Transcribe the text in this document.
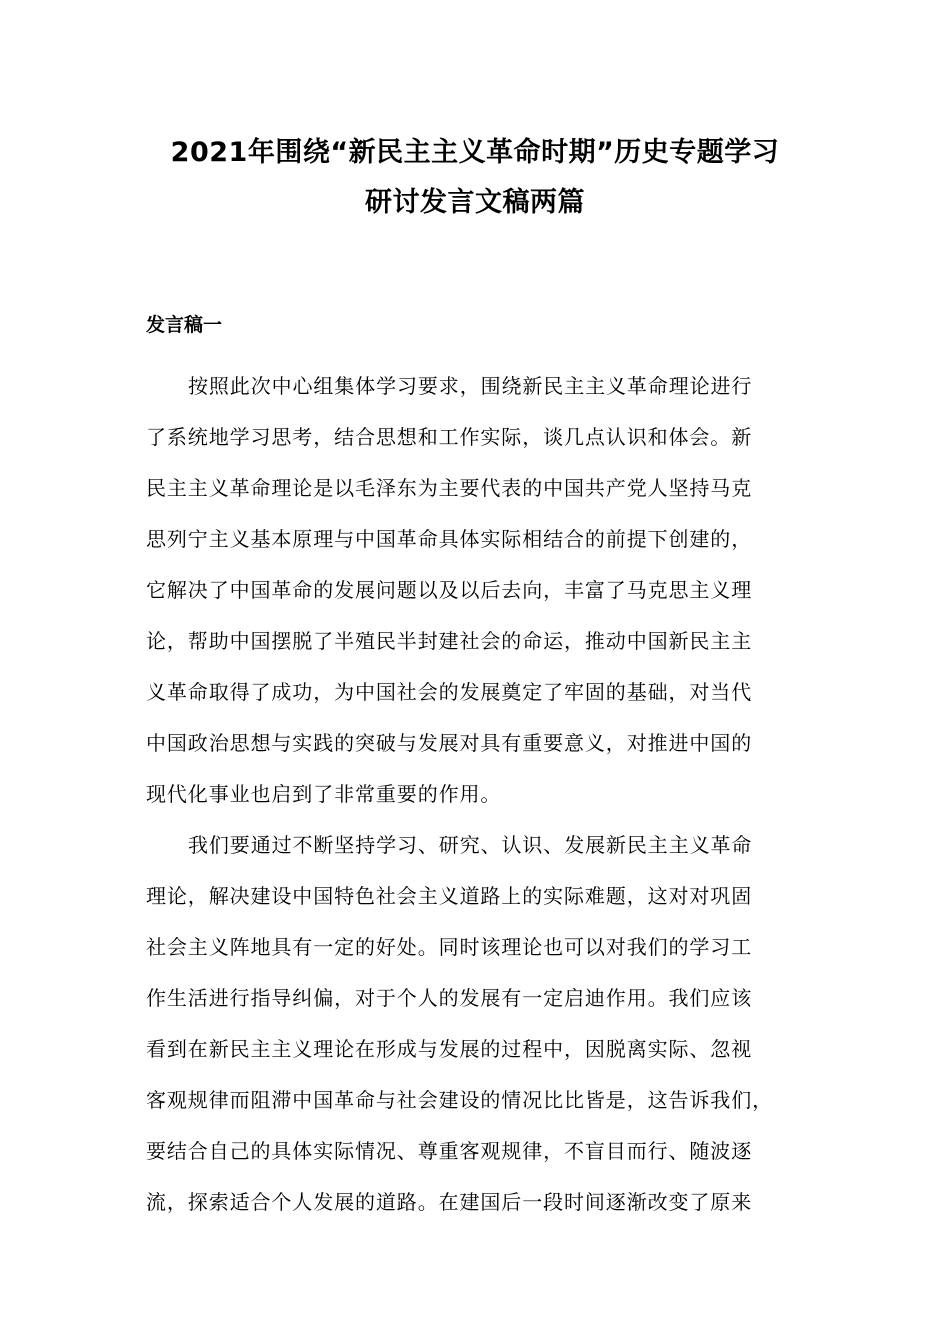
2021年围绕“新民主主义革命时期”历史专题学习
研讨发言文稿两篇
发言稿一
按照此次中心组集体学习要求，围绕新民主主义革命理论进行
了系统地学习思考，结合思想和工作实际，谈几点认识和体会。新
民主主义革命理论是以毛泽东为主要代表的中国共产党人坚持马克
思列宁主义基本原理与中国革命具体实际相结合的前提下创建的，
它解决了中国革命的发展问题以及以后去向，丰富了马克思主义理
论，帮助中国摆脱了半殖民半封建社会的命运，推动中国新民主主
义革命取得了成功，为中国社会的发展奠定了牢固的基础，对当代
中国政治思想与实践的突破与发展对具有重要意义，对推进中国的
现代化事业也启到了非常重要的作用。
我们要通过不断坚持学习、研究、认识、发展新民主主义革命
理论，解决建设中国特色社会主义道路上的实际难题，这对对巩固
社会主义阵地具有一定的好处。同时该理论也可以对我们的学习工
作生活进行指导纠偏，对于个人的发展有一定启迪作用。我们应该
看到在新民主主义理论在形成与发展的过程中，因脱离实际、忽视
客观规律而阻滞中国革命与社会建设的情况比比皆是，这告诉我们，
要结合自己的具体实际情况、尊重客观规律，不盲目而行、随波逐
流，探索适合个人发展的道路。在建国后一段时间逐渐改变了原来
